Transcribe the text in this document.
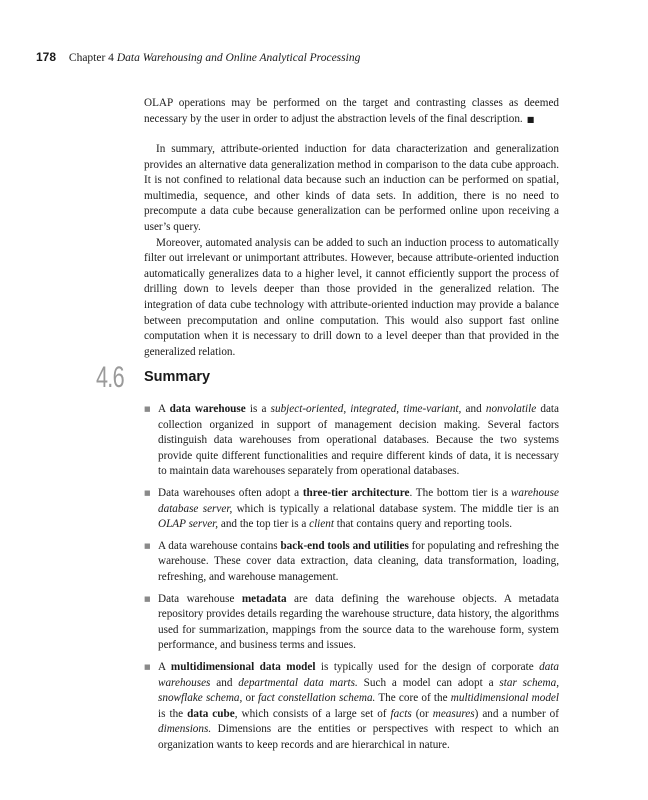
178 Chapter 4 Data Warehousing and Online Analytical Processing

OLAP operations may be performed on the target and contrasting classes as deemed necessary by the user in order to adjust the abstraction levels of the final description. ■

In summary, attribute-oriented induction for data characterization and generalization provides an alternative data generalization method in comparison to the data cube approach. It is not confined to relational data because such an induction can be performed on spatial, multimedia, sequence, and other kinds of data sets. In addition, there is no need to precompute a data cube because generalization can be performed online upon receiving a user’s query.

Moreover, automated analysis can be added to such an induction process to automatically filter out irrelevant or unimportant attributes. However, because attribute-oriented induction automatically generalizes data to a higher level, it cannot efficiently support the process of drilling down to levels deeper than those provided in the generalized relation. The integration of data cube technology with attribute-oriented induction may provide a balance between precomputation and online computation. This would also support fast online computation when it is necessary to drill down to a level deeper than that provided in the generalized relation.

4.6 Summary
■ A data warehouse is a subject-oriented, integrated, time-variant, and nonvolatile data collection organized in support of management decision making. Several factors distinguish data warehouses from operational databases. Because the two systems provide quite different functionalities and require different kinds of data, it is necessary to maintain data warehouses separately from operational databases.
■ Data warehouses often adopt a three-tier architecture. The bottom tier is a warehouse database server, which is typically a relational database system. The middle tier is an OLAP server, and the top tier is a client that contains query and reporting tools.
■ A data warehouse contains back-end tools and utilities for populating and refreshing the warehouse. These cover data extraction, data cleaning, data transformation, loading, refreshing, and warehouse management.
■ Data warehouse metadata are data defining the warehouse objects. A metadata repository provides details regarding the warehouse structure, data history, the algorithms used for summarization, mappings from the source data to the warehouse form, system performance, and business terms and issues.
■ A multidimensional data model is typically used for the design of corporate data warehouses and departmental data marts. Such a model can adopt a star schema, snowflake schema, or fact constellation schema. The core of the multidimensional model is the data cube, which consists of a large set of facts (or measures) and a number of dimensions. Dimensions are the entities or perspectives with respect to which an organization wants to keep records and are hierarchical in nature.
